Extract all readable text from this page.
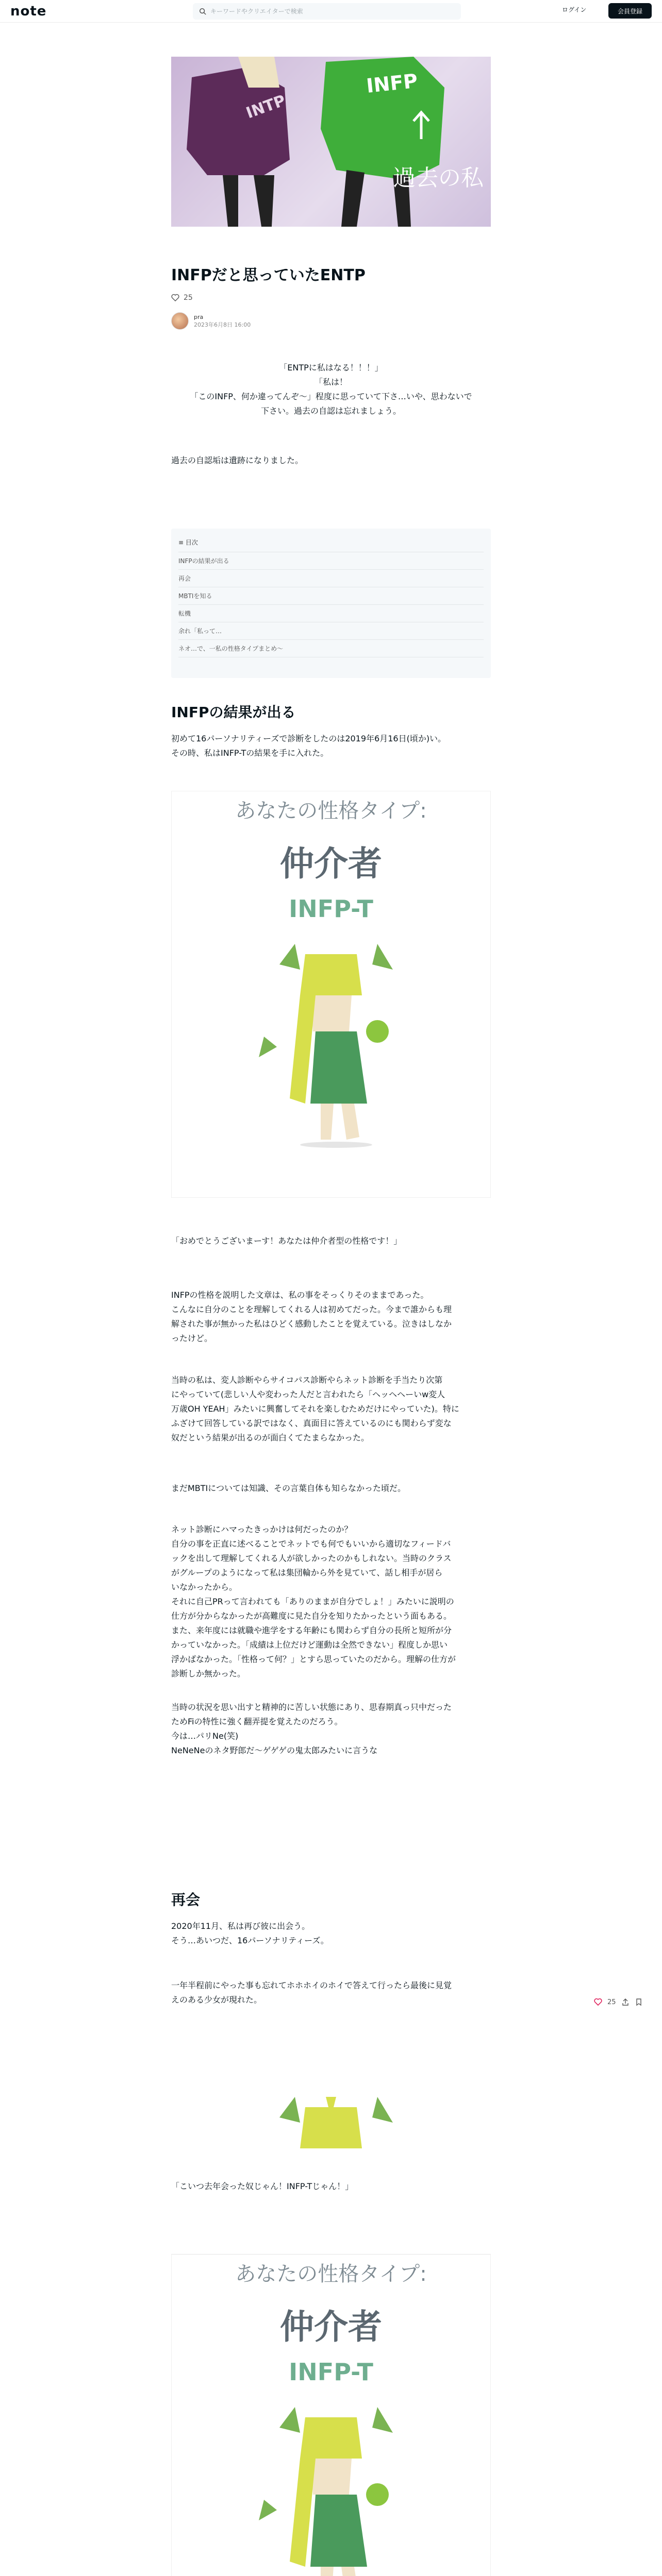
note
キーワードやクリエイターで検索	ログイン	会員登録
INTP
INFP
過去の私
INFPだと思っていたENTP
25
pra
2023年6月8日 16:00
「ENTPに私はなる！！！」
「私は！
「このINFP、何か違ってんぞ〜」程度に思っていて下さ…いや、思わないで
下さい。過去の自認は忘れましょう。
過去の自認垢は遺跡になりました。
≡ 目次
INFPの結果が出る
再会
MBTIを知る
転機
余れ「私って…
ネオ…で、一私の性格タイプまとめ〜
INFPの結果が出る
初めて16パーソナリティーズで診断をしたのは2019年6月16日(頃か)い。
その時、私はINFP-Tの結果を手に入れた。
あなたの性格タイプ:
仲介者
INFP-T
「おめでとうございまーす！あなたは仲介者型の性格です！」
INFPの性格を説明した文章は、私の事をそっくりそのままであった。
こんなに自分のことを理解してくれる人は初めてだった。今まで誰からも理
解された事が無かった私はひどく感動したことを覚えている。泣きはしなか
ったけど。
当時の私は、変人診断やらサイコパス診断やらネット診断を手当たり次第
にやっていて(悲しい人や変わった人だと言われたら「ヘッヘヘーいw変人
万歳OH YEAH」みたいに興奮してそれを楽しむためだけにやっていた)。特に
ふざけて回答している訳ではなく、真面目に答えているのにも関わらず変な
奴だという結果が出るのが面白くてたまらなかった。
まだMBTIについては知識、その言葉自体も知らなかった頃だ。
ネット診断にハマったきっかけは何だったのか？
自分の事を正直に述べることでネットでも何でもいいから適切なフィードバ
ックを出して理解してくれる人が欲しかったのかもしれない。当時のクラス
がグループのようになって私は集団輪から外を見ていて、話し相手が居ら
いなかったから。
それに自己PRって言われても「ありのままが自分でしょ！」みたいに説明の
仕方が分からなかったが高難度に見た自分を知りたかったという面もある。
また、来年度には就職や進学をする年齢にも関わらず自分の長所と短所が分
かっていなかった。「成績は上位だけど運動は全然できない」程度しか思い
浮かばなかった。「性格って何？」とすら思っていたのだから。理解の仕方が
診断しか無かった。
当時の状況を思い出すと精神的に苦しい状態にあり、思春期真っ只中だった
ためFiの特性に強く翻弄提を覚えたのだろう。
今は…パリNe(笑)
NeNeNeのネタ野郎だ〜ゲゲゲの鬼太郎みたいに言うな
再会
2020年11月、私は再び彼に出会う。
そう…あいつだ、16パーソナリティーズ。
一年半程前にやった事も忘れてホホホイのホイで答えて行ったら最後に見覚
えのある少女が現れた。
「こいつ去年会った奴じゃん！INFP-Tじゃん！」
あなたの性格タイプ:
仲介者
INFP-T
25
